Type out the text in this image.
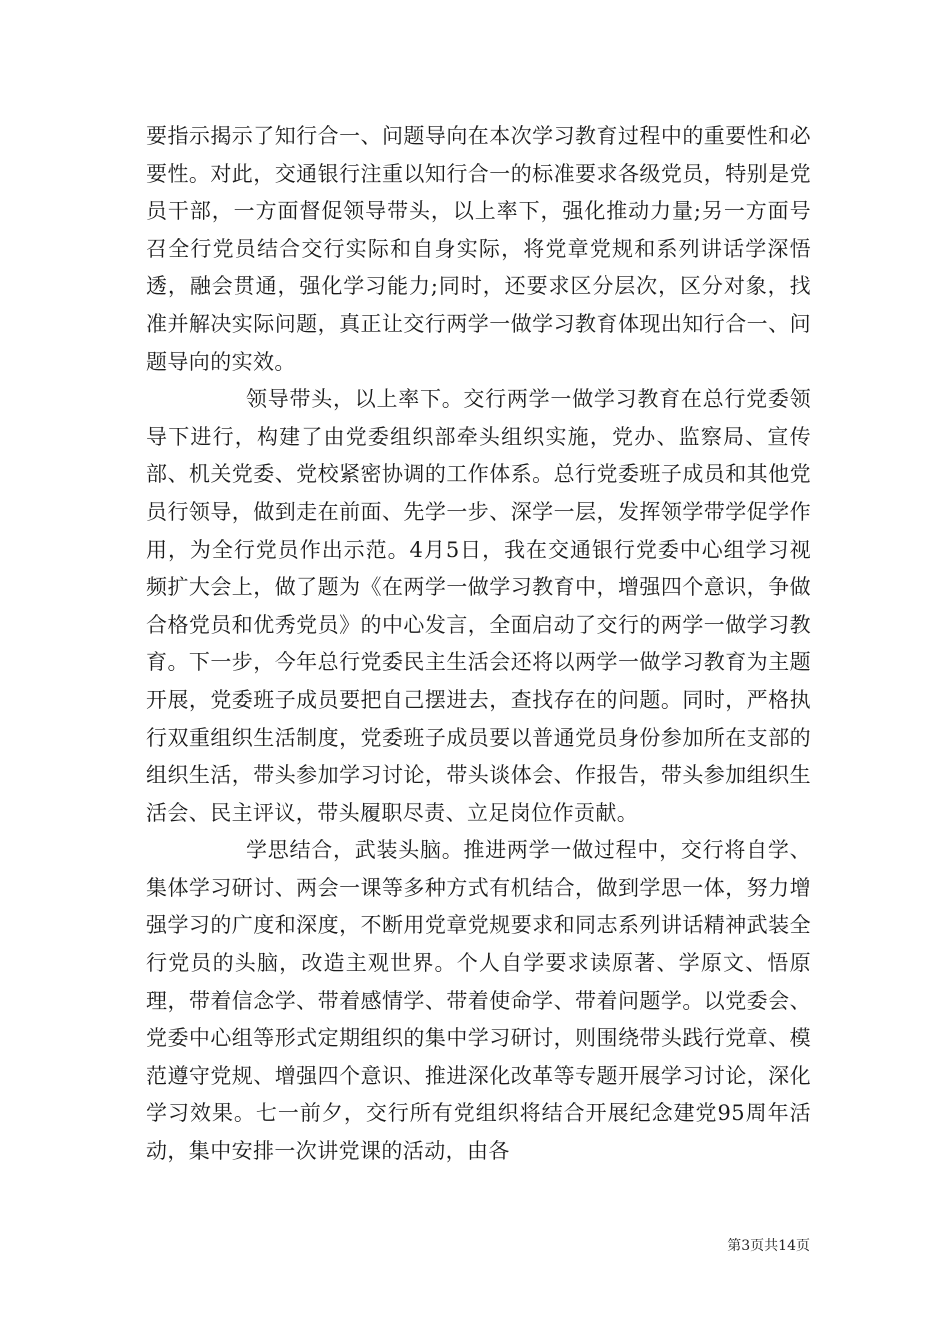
要指示揭示了知行合一、问题导向在本次学习教育过程中的重要性和必要性。对此，交通银行注重以知行合一的标准要求各级党员，特别是党员干部，一方面督促领导带头，以上率下，强化推动力量;另一方面号召全行党员结合交行实际和自身实际，将党章党规和系列讲话学深悟透，融会贯通，强化学习能力;同时，还要求区分层次，区分对象，找准并解决实际问题，真正让交行两学一做学习教育体现出知行合一、问题导向的实效。

领导带头，以上率下。交行两学一做学习教育在总行党委领导下进行，构建了由党委组织部牵头组织实施，党办、监察局、宣传部、机关党委、党校紧密协调的工作体系。总行党委班子成员和其他党员行领导，做到走在前面、先学一步、深学一层，发挥领学带学促学作用，为全行党员作出示范。4月5日，我在交通银行党委中心组学习视频扩大会上，做了题为《在两学一做学习教育中，增强四个意识，争做合格党员和优秀党员》的中心发言，全面启动了交行的两学一做学习教育。下一步，今年总行党委民主生活会还将以两学一做学习教育为主题开展，党委班子成员要把自己摆进去，查找存在的问题。同时，严格执行双重组织生活制度，党委班子成员要以普通党员身份参加所在支部的组织生活，带头参加学习讨论，带头谈体会、作报告，带头参加组织生活会、民主评议，带头履职尽责、立足岗位作贡献。

学思结合，武装头脑。推进两学一做过程中，交行将自学、集体学习研讨、两会一课等多种方式有机结合，做到学思一体，努力增强学习的广度和深度，不断用党章党规要求和同志系列讲话精神武装全行党员的头脑，改造主观世界。个人自学要求读原著、学原文、悟原理，带着信念学、带着感情学、带着使命学、带着问题学。以党委会、党委中心组等形式定期组织的集中学习研讨，则围绕带头践行党章、模范遵守党规、增强四个意识、推进深化改革等专题开展学习讨论，深化学习效果。七一前夕，交行所有党组织将结合开展纪念建党95周年活动，集中安排一次讲党课的活动，由各

第3页共14页
